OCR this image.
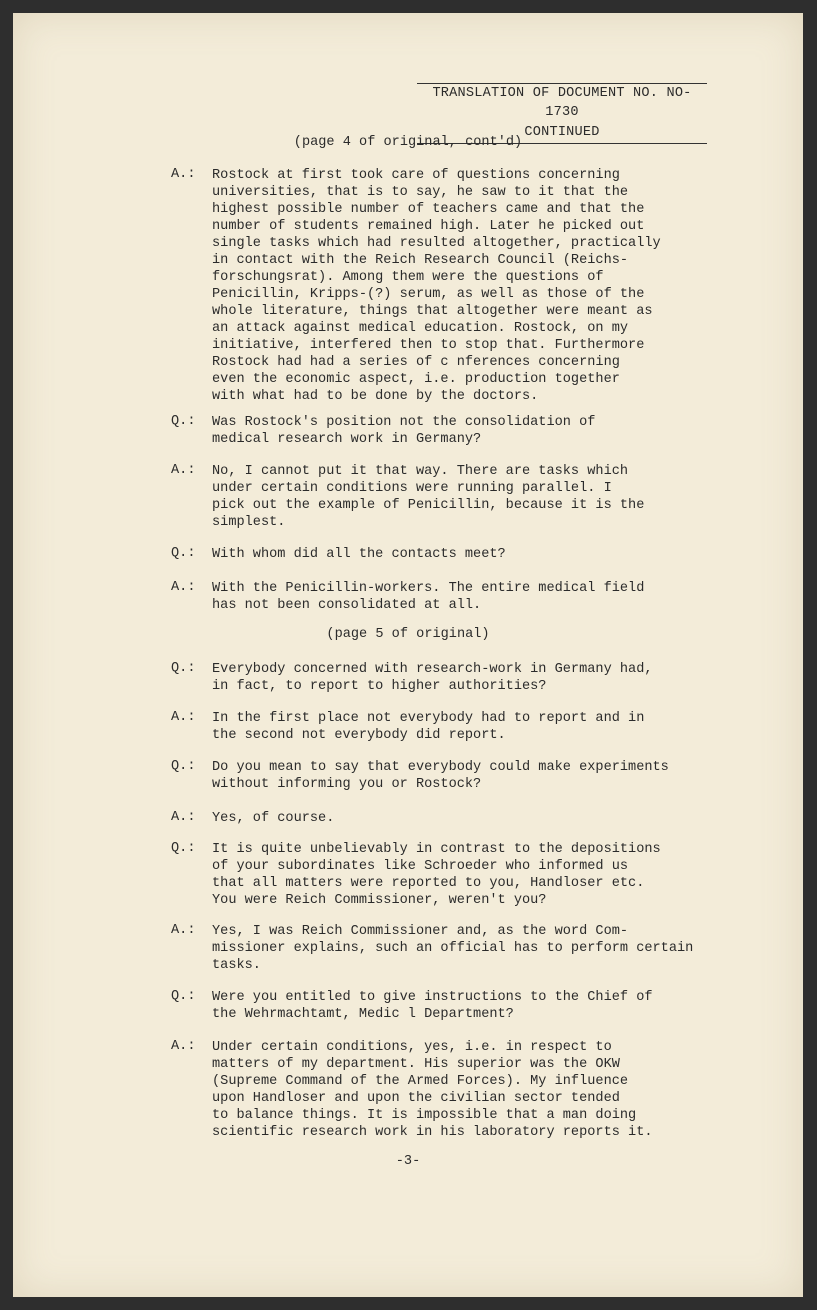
TRANSLATION OF DOCUMENT NO. NO-1730
CONTINUED
(page 4 of original, cont'd)
A.:	Rostock at first took care of questions concerning
universities, that is to say, he saw to it that the
highest possible number of teachers came and that the
number of students remained high. Later he picked out
single tasks which had resulted altogether, practically
in contact with the Reich Research Council (Reichs-
forschungsrat). Among them were the questions of
Penicillin, Kripps-(?) serum, as well as those of the
whole literature, things that altogether were meant as
an attack against medical education. Rostock, on my
initiative, interfered then to stop that. Furthermore
Rostock had had a series of c nferences concerning
even the economic aspect, i.e. production together
with what had to be done by the doctors.
Q.:	Was Rostock's position not the consolidation of
medical research work in Germany?
A.:	No, I cannot put it that way. There are tasks which
under certain conditions were running parallel. I
pick out the example of Penicillin, because it is the
simplest.
Q.:	With whom did all the contacts meet?
A.:	With the Penicillin-workers. The entire medical field
has not been consolidated at all.
(page 5 of original)
Q.:	Everybody concerned with research-work in Germany had,
in fact, to report to higher authorities?
A.:	In the first place not everybody had to report and in
the second not everybody did report.
Q.:	Do you mean to say that everybody could make experiments
without informing you or Rostock?
A.:	Yes, of course.
Q.:	It is quite unbelievably in contrast to the depositions
of your subordinates like Schroeder who informed us
that all matters were reported to you, Handloser etc.
You were Reich Commissioner, weren't you?
A.:	Yes, I was Reich Commissioner and, as the word Com-
missioner explains, such an official has to perform certain
tasks.
Q.:	Were you entitled to give instructions to the Chief of
the Wehrmachtamt, Medic l Department?
A.:	Under certain conditions, yes, i.e. in respect to
matters of my department. His superior was the OKW
(Supreme Command of the Armed Forces). My influence
upon Handloser and upon the civilian sector tended
to balance things. It is impossible that a man doing
scientific research work in his laboratory reports it.
-3-
